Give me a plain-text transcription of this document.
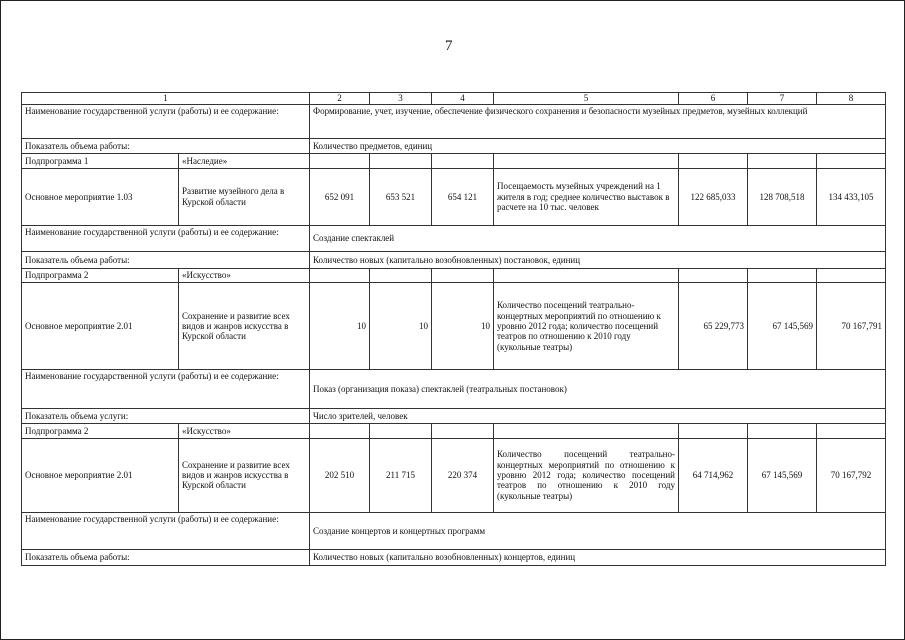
7
1		2	3	4	5	6	7	8
Наименование государственной услуги (работы) и ее содержание:		Формирование, учет, изучение, обеспечение физического сохранения и безопасности музейных предметов, музейных коллекций						
Показатель объема работы:		Количество предметов, единиц						
Подпрограмма 1	«Наследие»							
Основное мероприятие 1.03	Развитие музейного дела в Курской области	652 091	653 521	654 121	Посещаемость музейных учреждений на 1 жителя в год; среднее количество выставок в расчете на 10 тыс. человек	122 685,033	128 708,518	134 433,105
Наименование государственной услуги (работы) и ее содержание:		Создание спектаклей						
Показатель объема работы:		Количество новых (капитально возобновленных) постановок, единиц						
Подпрограмма 2	«Искусство»							
Основное мероприятие 2.01	Сохранение и развитие всех видов и жанров искусства в Курской области	10	10	10	Количество посещений театрально-концертных мероприятий по отношению к уровню 2012 года; количество посещений театров по отношению к 2010 году (кукольные театры)	65 229,773	67 145,569	70 167,791
Наименование государственной услуги (работы) и ее содержание:		Показ (организация показа) спектаклей (театральных постановок)						
Показатель объема услуги:		Число зрителей, человек						
Подпрограмма 2	«Искусство»							
Основное мероприятие 2.01	Сохранение и развитие всех видов и жанров искусства в Курской области	202 510	211 715	220 374	Количество посещений театрально-концертных мероприятий по отношению к уровню 2012 года; количество посещений театров по отношению к 2010 году (кукольные театры)	64 714,962	67 145,569	70 167,792
Наименование государственной услуги (работы) и ее содержание:		Создание концертов и концертных программ						
Показатель объема работы:		Количество новых (капитально возобновленных) концертов, единиц						
